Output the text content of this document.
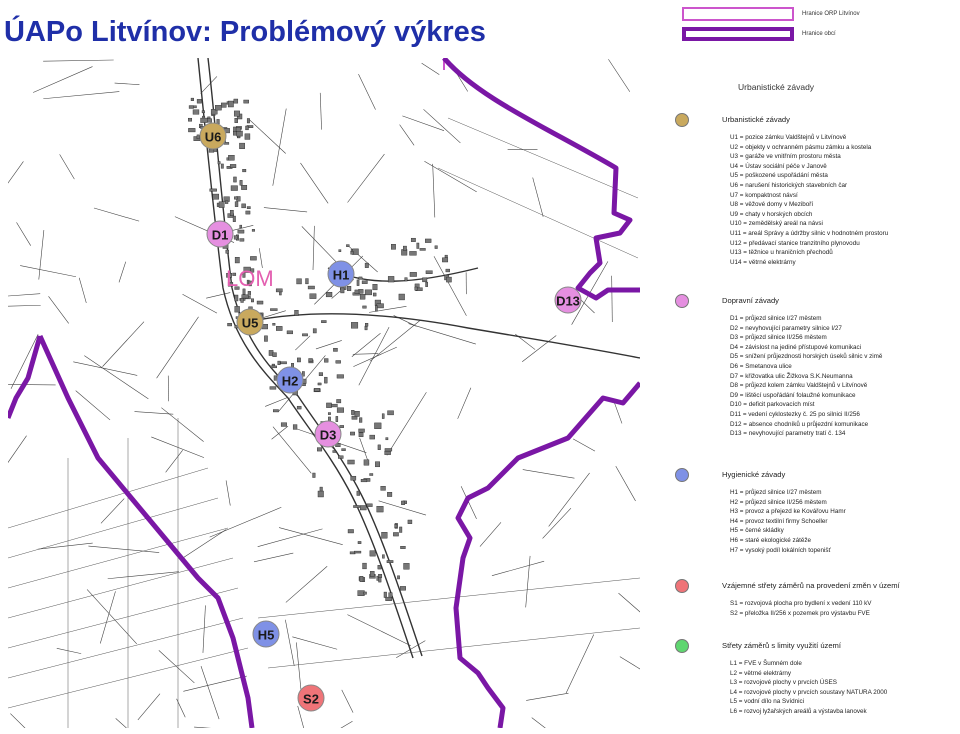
ÚAPo Litvínov: Problémový výkres
LOM
U6
D1
H1
D13
U5
H2
D3
H5
S2
Hranice ORP Litvínov
Hranice obcí
Urbanistické závady
Urbanistické závady
U1 = pozice zámku Valdštejnů v Litvínově
U2 = objekty v ochranném pásmu zámku a kostela
U3 = garáže ve vnitřním prostoru města
U4 = Ústav sociální péče v Janově
U5 = poškozené uspořádání města
U6 = narušení historických stavebních čar
U7 = kompaktnost návsí
U8 = věžové domy v Meziboří
U9 = chaty v horských obcích
U10 = zemědělský areál na návsi
U11 = areál Správy a údržby silnic v hodnotném prostoru
U12 = předávací stanice tranzitního plynovodu
U13 = těžnice u hraničních přechodů
U14 = větrné elektrárny
Dopravní závady
D1 = průjezd silnice I/27 městem
D2 = nevyhovující parametry silnice I/27
D3 = průjezd silnice II/256 městem
D4 = závislost na jediné přístupové komunikaci
D5 = snížení průjezdnosti horských úseků silnic v zimě
D6 = Smetanova ulice
D7 = křižovatka ulic Žižkova S.K.Neumanna
D8 = průjezd kolem zámku Valdštejnů v Litvínově
D9 = lištěcí uspořádání folaužné komunikace
D10 = deficit parkovacích míst
D11 = vedení cyklostezky č. 25 po silnici II/256
D12 = absence chodníků u průjezdní komunikace
D13 = nevyhovující parametry tratí č. 134
Hygienické závady
H1 = průjezd silnice I/27 městem
H2 = průjezd silnice II/256 městem
H3 = provoz a přejezd ke Kovářovu Hamr
H4 = provoz textilní firmy Schoeller
H5 = černé skládky
H6 = staré ekologické zátěže
H7 = vysoký podíl lokálních topenišť
Vzájemné střety záměrů na provedení změn v území
S1 = rozvojová plocha pro bydlení x vedení 110 kV
S2 = přeložka II/256 x pozemek pro výstavbu FVE
Střety záměrů s limity využití území
L1 = FVE v Šumném dole
L2 = větrné elektrárny
L3 = rozvojové plochy v prvcích ÚSES
L4 = rozvojové plochy v prvcích soustavy NATURA 2000
L5 = vodní dílo na Svídnici
L6 = rozvoj lyžařských areálů a výstavba lanovek
